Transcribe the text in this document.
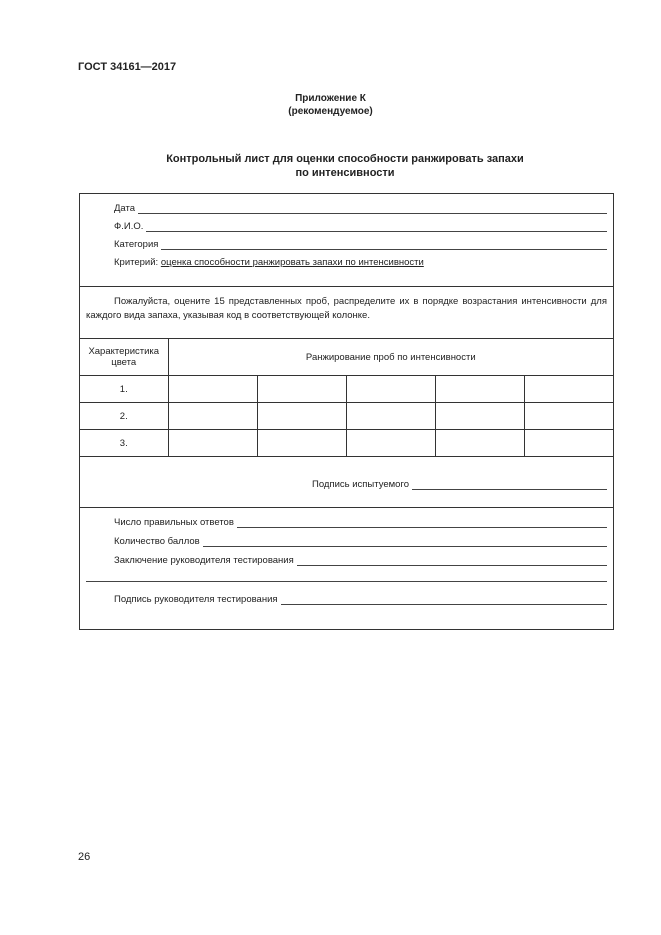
ГОСТ 34161—2017
Приложение К
(рекомендуемое)
Контрольный лист для оценки способности ранжировать запахи
по интенсивности
Дата
Ф.И.О.
Категория
Критерий: оценка способности ранжировать запахи по интенсивности
Пожалуйста, оцените 15 представленных проб, распределите их в порядке возрастания интенсивности для каждого вида запаха, указывая код в соответствующей колонке.
Характеристика цвета	Ранжирование проб по интенсивности				
1.					
2.					
3.					
Подпись испытуемого
Число правильных ответов
Количество баллов
Заключение руководителя тестирования
Подпись руководителя тестирования
26
